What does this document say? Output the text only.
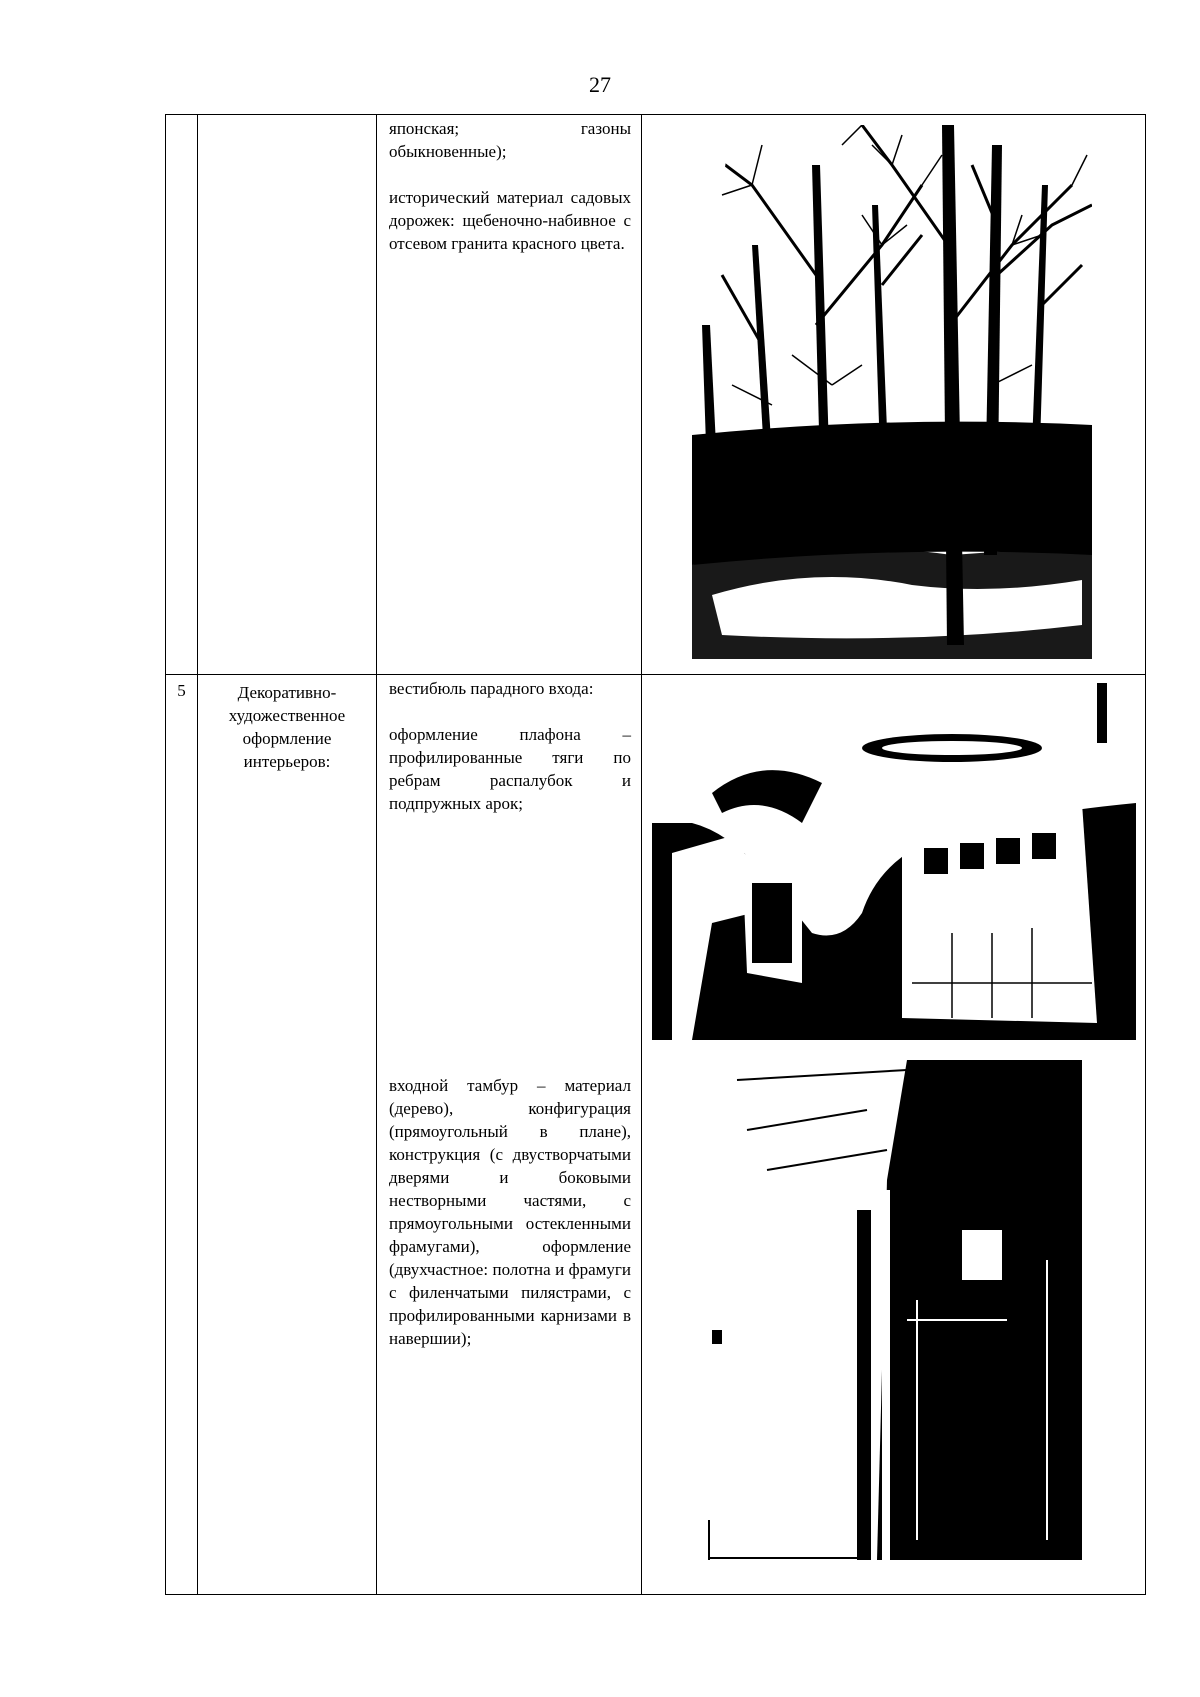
27

		японская; газоны обыкновенные);

исторический материал садовых дорожек: щебеночно-набивное с отсевом гранита красного цвета.

5	Декоративно-художественное оформление интерьеров:	вестибюль парадного входа:

оформление плафона – профилированные тяги по ребрам распалубок и подпружных арок;

входной тамбур – материал (дерево), конфигурация (прямоугольный в плане), конструкция (с двустворчатыми дверями и боковыми нестворными частями, с прямоугольными остекленными фрамугами), оформление (двухчастное: полотна и фрамуги с филенчатыми пилястрами, с профилированными карнизами в навершии);
